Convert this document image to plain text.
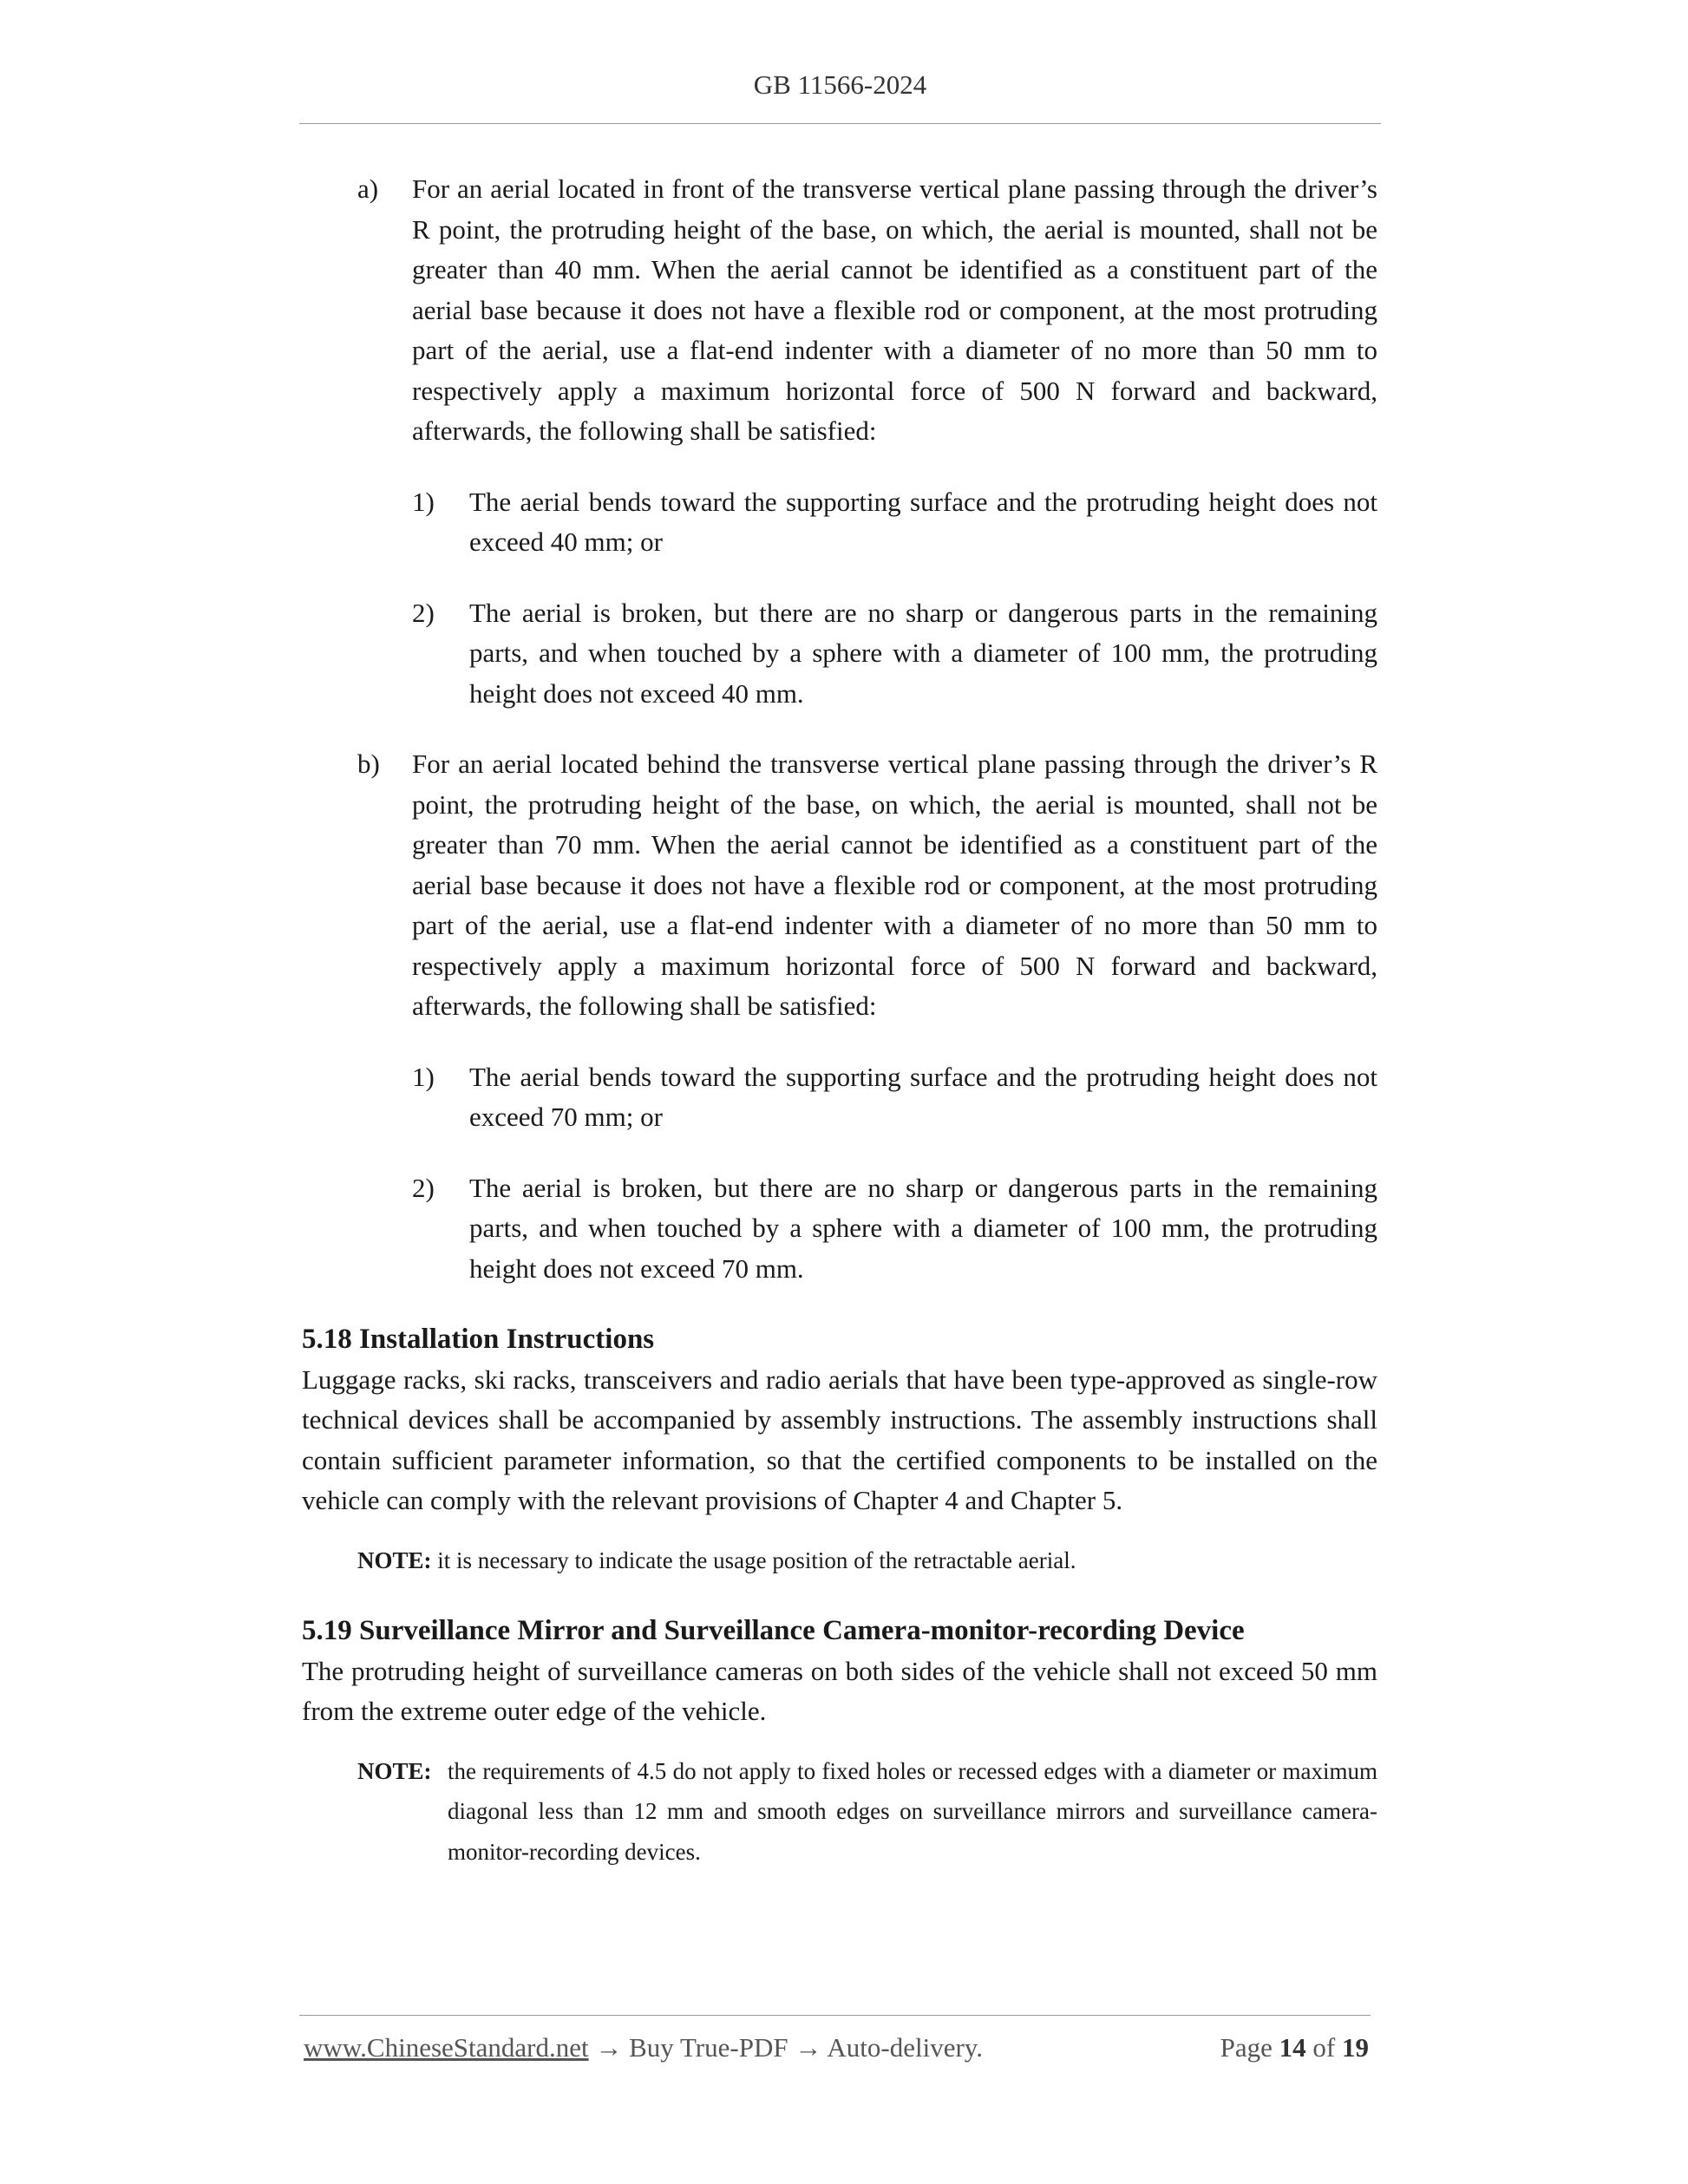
GB 11566-2024
a) For an aerial located in front of the transverse vertical plane passing through the driver’s R point, the protruding height of the base, on which, the aerial is mounted, shall not be greater than 40 mm. When the aerial cannot be identified as a constituent part of the aerial base because it does not have a flexible rod or component, at the most protruding part of the aerial, use a flat-end indenter with a diameter of no more than 50 mm to respectively apply a maximum horizontal force of 500 N forward and backward, afterwards, the following shall be satisfied:

1) The aerial bends toward the supporting surface and the protruding height does not exceed 40 mm; or

2) The aerial is broken, but there are no sharp or dangerous parts in the remaining parts, and when touched by a sphere with a diameter of 100 mm, the protruding height does not exceed 40 mm.

b) For an aerial located behind the transverse vertical plane passing through the driver’s R point, the protruding height of the base, on which, the aerial is mounted, shall not be greater than 70 mm. When the aerial cannot be identified as a constituent part of the aerial base because it does not have a flexible rod or component, at the most protruding part of the aerial, use a flat-end indenter with a diameter of no more than 50 mm to respectively apply a maximum horizontal force of 500 N forward and backward, afterwards, the following shall be satisfied:

1) The aerial bends toward the supporting surface and the protruding height does not exceed 70 mm; or

2) The aerial is broken, but there are no sharp or dangerous parts in the remaining parts, and when touched by a sphere with a diameter of 100 mm, the protruding height does not exceed 70 mm.

5.18 Installation Instructions

Luggage racks, ski racks, transceivers and radio aerials that have been type-approved as single-row technical devices shall be accompanied by assembly instructions. The assembly instructions shall contain sufficient parameter information, so that the certified components to be installed on the vehicle can comply with the relevant provisions of Chapter 4 and Chapter 5.

NOTE: it is necessary to indicate the usage position of the retractable aerial.
5.19 Surveillance Mirror and Surveillance Camera-monitor-recording Device

The protruding height of surveillance cameras on both sides of the vehicle shall not exceed 50 mm from the extreme outer edge of the vehicle.

NOTE: the requirements of 4.5 do not apply to fixed holes or recessed edges with a diameter or maximum diagonal less than 12 mm and smooth edges on surveillance mirrors and surveillance camera-monitor-recording devices.
www.ChineseStandard.net → Buy True-PDF → Auto-delivery.	Page 14 of 19
